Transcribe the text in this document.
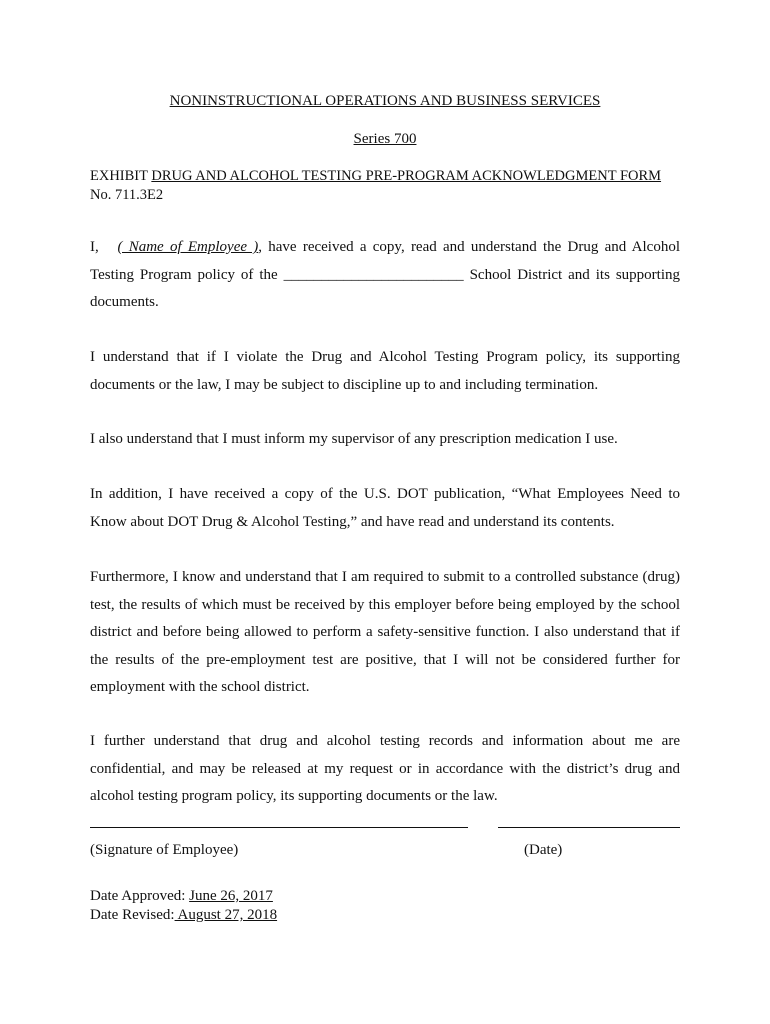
NONINSTRUCTIONAL OPERATIONS AND BUSINESS SERVICES
Series 700
EXHIBIT DRUG AND ALCOHOL TESTING PRE-PROGRAM ACKNOWLEDGMENT FORM
No. 711.3E2

I, ( Name of Employee ), have received a copy, read and understand the Drug and Alcohol Testing Program policy of the ________________________ School District and its supporting documents.

I understand that if I violate the Drug and Alcohol Testing Program policy, its supporting documents or the law, I may be subject to discipline up to and including termination.

I also understand that I must inform my supervisor of any prescription medication I use.

In addition, I have received a copy of the U.S. DOT publication, “What Employees Need to Know about DOT Drug & Alcohol Testing,” and have read and understand its contents.

Furthermore, I know and understand that I am required to submit to a controlled substance (drug) test, the results of which must be received by this employer before being employed by the school district and before being allowed to perform a safety-sensitive function. I also understand that if the results of the pre-employment test are positive, that I will not be considered further for employment with the school district.

I further understand that drug and alcohol testing records and information about me are confidential, and may be released at my request or in accordance with the district’s drug and alcohol testing program policy, its supporting documents or the law.

(Signature of Employee)	(Date)
Date Approved: June 26, 2017
Date Revised: August 27, 2018
